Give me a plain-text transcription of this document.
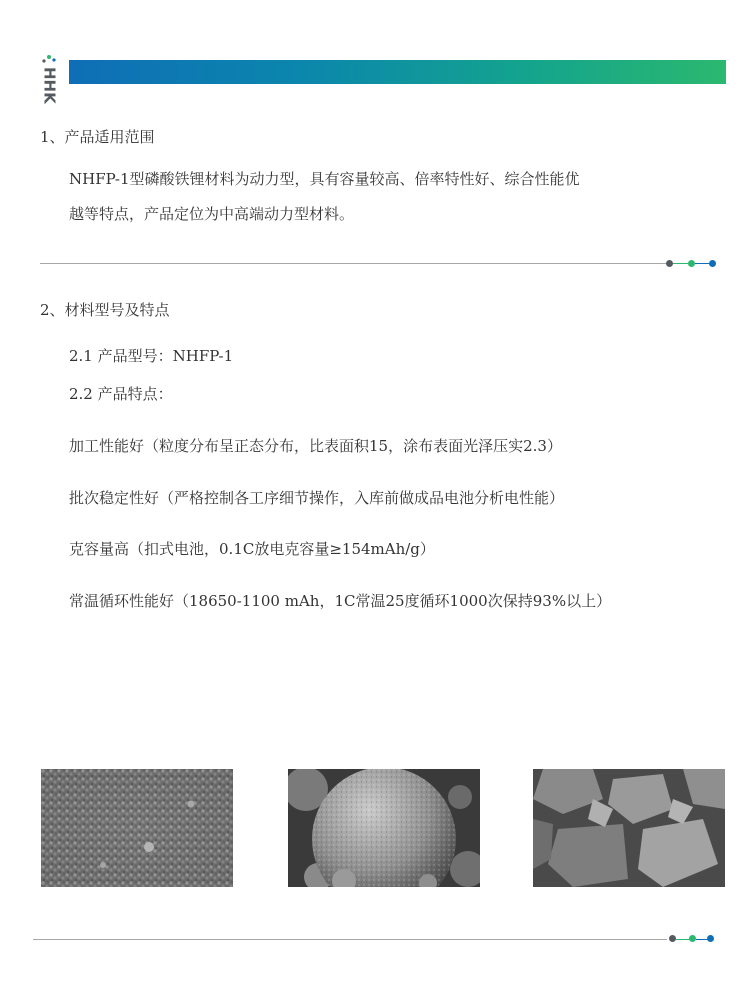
HHK
1、产品适用范围
NHFP-1型磷酸铁锂材料为动力型，具有容量较高、倍率特性好、综合性能优
越等特点，产品定位为中高端动力型材料。
2、材料型号及特点
2.1 产品型号：NHFP-1
2.2 产品特点：
加工性能好（粒度分布呈正态分布，比表面积15，涂布表面光泽压实2.3）
批次稳定性好（严格控制各工序细节操作，入库前做成品电池分析电性能）
克容量高（扣式电池，0.1C放电克容量≥154mAh/g）
常温循环性能好（18650-1100 mAh，1C常温25度循环1000次保持93%以上）
